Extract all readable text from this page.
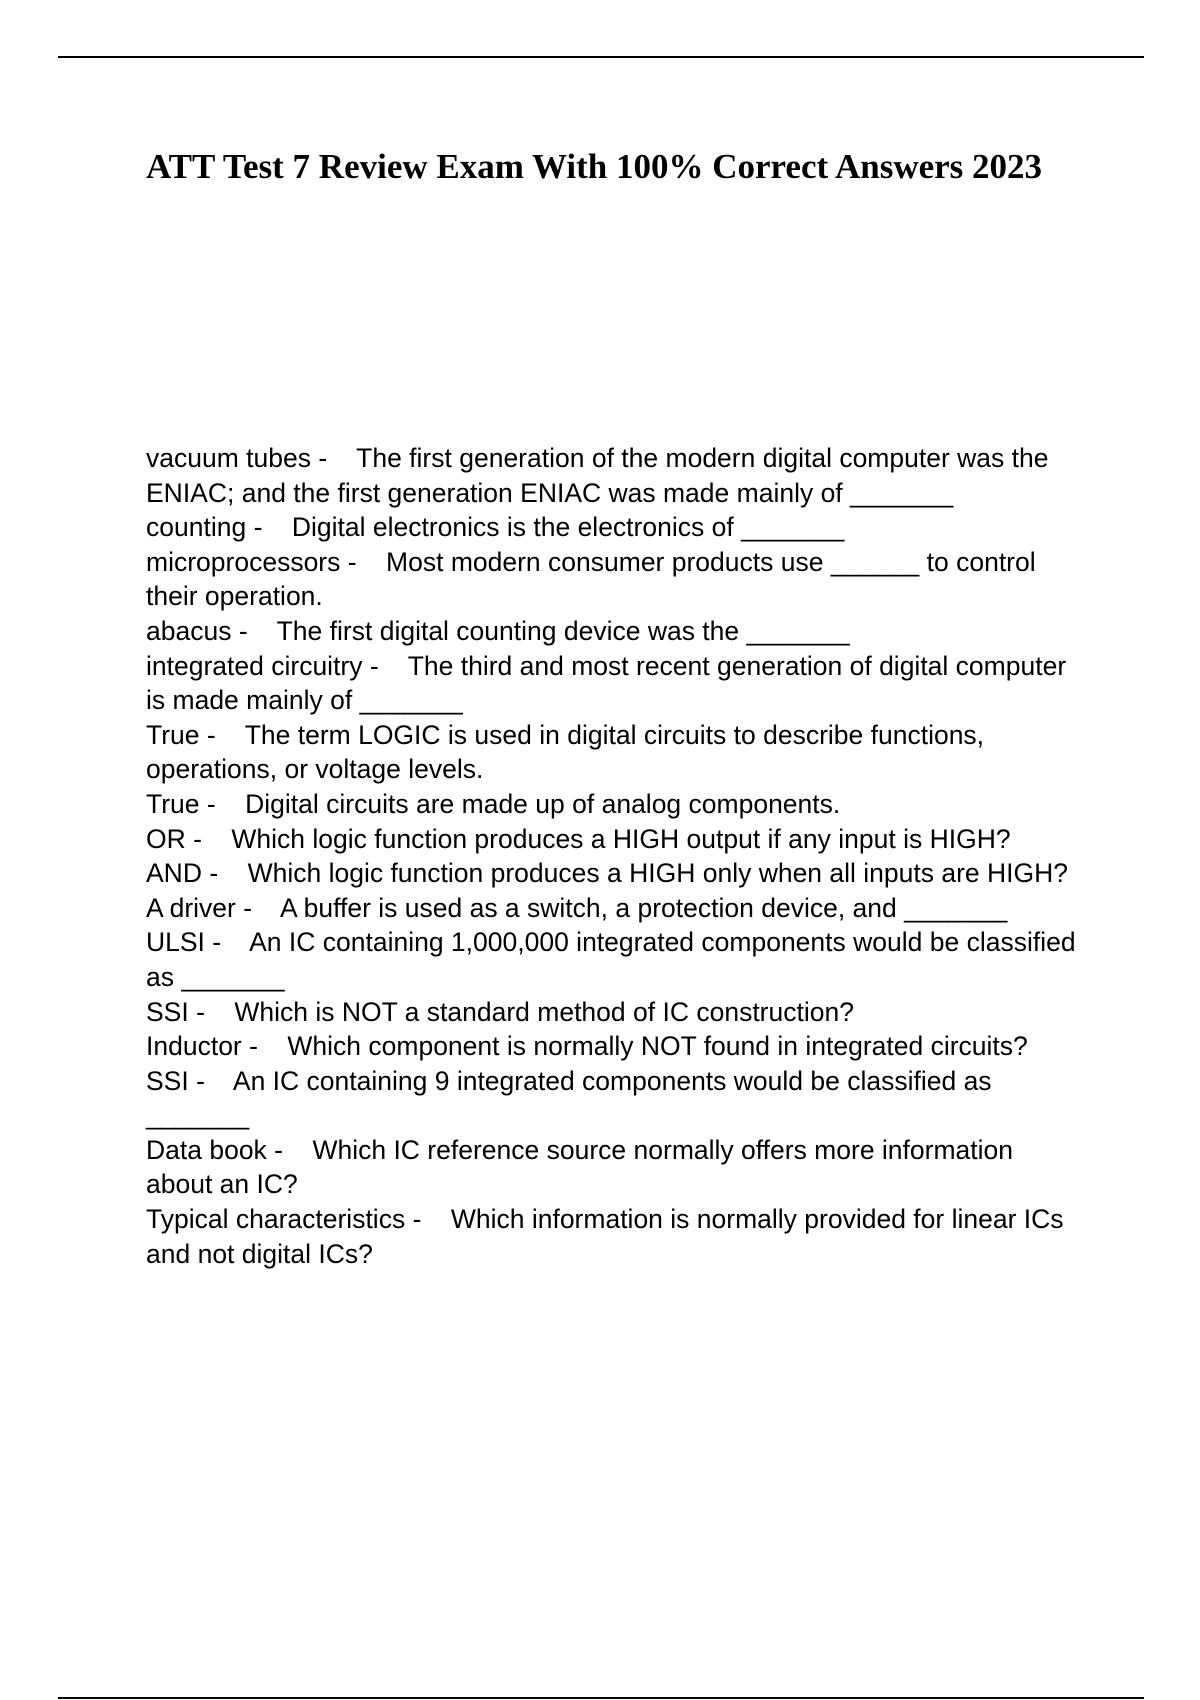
ATT Test 7 Review Exam With 100% Correct Answers 2023
vacuum tubes -    The first generation of the modern digital computer was the ENIAC; and the first generation ENIAC was made mainly of _______
counting -    Digital electronics is the electronics of _______
microprocessors -    Most modern consumer products use ______ to control their operation.
abacus -    The first digital counting device was the _______
integrated circuitry -    The third and most recent generation of digital computer is made mainly of _______
True -    The term LOGIC is used in digital circuits to describe functions, operations, or voltage levels.
True -    Digital circuits are made up of analog components.
OR -    Which logic function produces a HIGH output if any input is HIGH?
AND -    Which logic function produces a HIGH only when all inputs are HIGH?
A driver -    A buffer is used as a switch, a protection device, and _______
ULSI -    An IC containing 1,000,000 integrated components would be classified as _______
SSI -    Which is NOT a standard method of IC construction?
Inductor -    Which component is normally NOT found in integrated circuits?
SSI -    An IC containing 9 integrated components would be classified as _______
Data book -    Which IC reference source normally offers more information about an IC?
Typical characteristics -    Which information is normally provided for linear ICs and not digital ICs?
